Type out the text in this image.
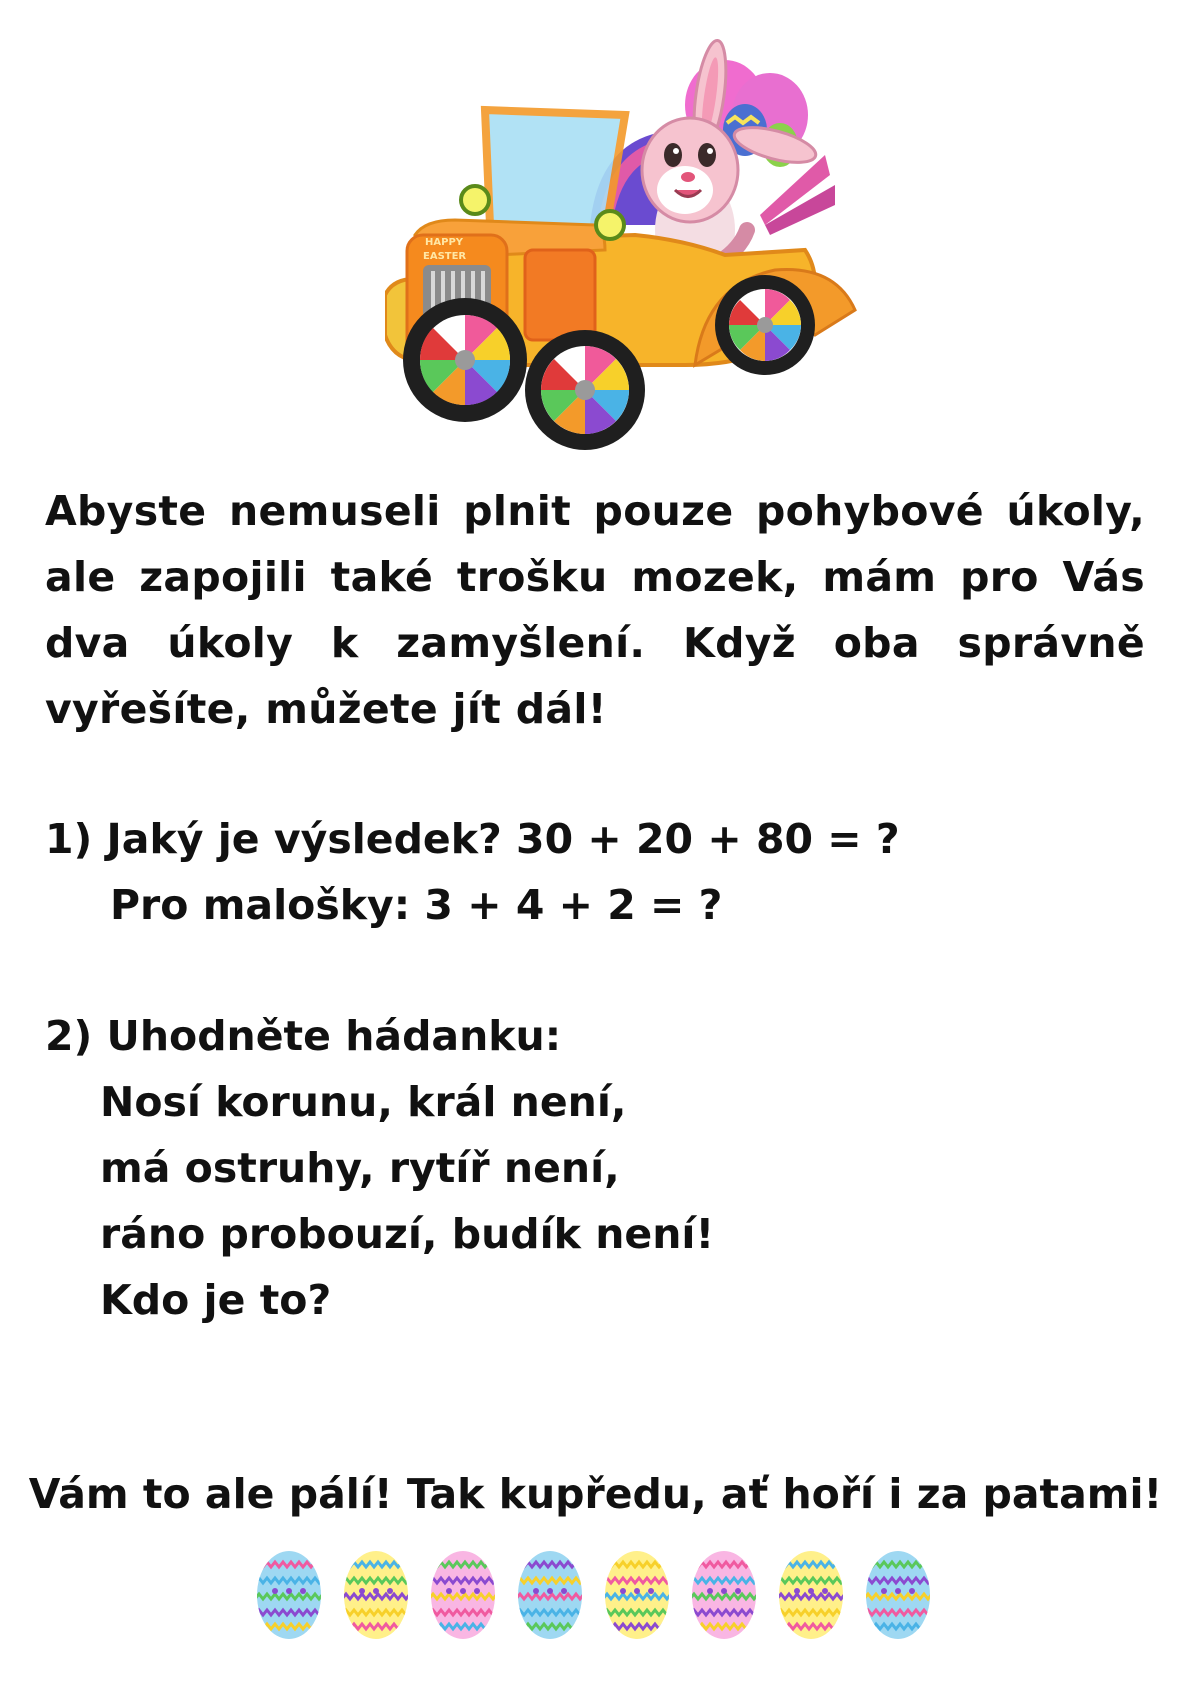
HAPPY
EASTER

Abyste nemuseli plnit pouze pohybové úkoly, ale zapojili také trošku mozek, mám pro Vás dva úkoly k zamyšlení. Když oba správně vyřešíte, můžete jít dál!

1) Jaký je výsledek? 30 + 20 + 80 = ?

Pro malošky: 3 + 4 + 2 = ?

2) Uhodněte hádanku:

Nosí korunu, král není,

má ostruhy, rytíř není,

ráno probouzí, budík není!

Kdo je to?

Vám to ale pálí! Tak kupředu, ať hoří i za patami!
